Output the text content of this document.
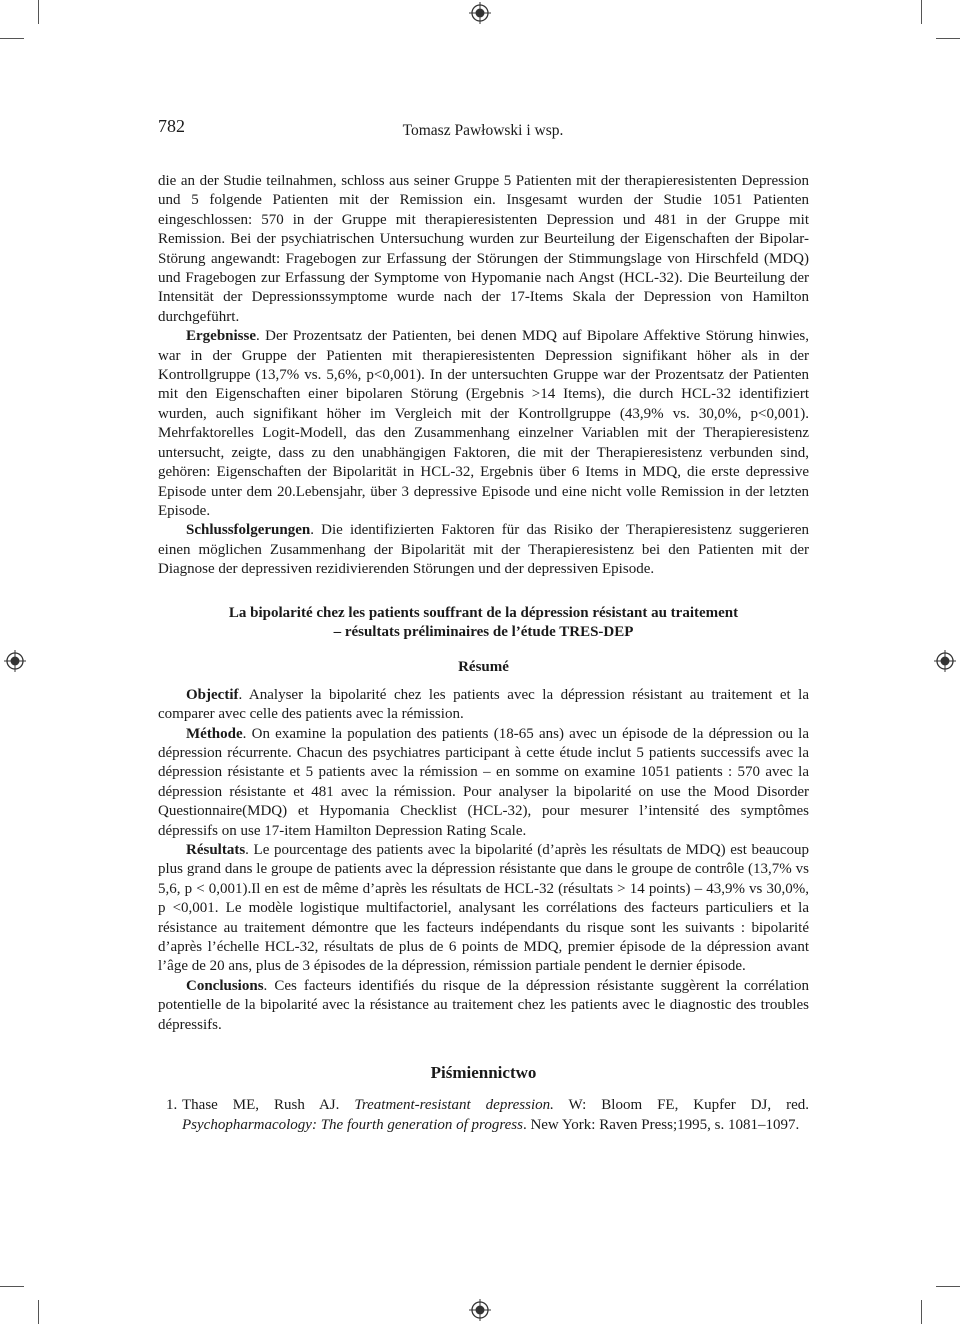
782	Tomasz Pawłowski i wsp.

die an der Studie teilnahmen, schloss aus seiner Gruppe 5 Patienten mit der therapieresistenten Depression und 5 folgende Patienten mit der Remission ein. Insgesamt wurden der Studie 1051 Patienten eingeschlossen: 570 in der Gruppe mit therapieresistenten Depression und 481 in der Gruppe mit Remission. Bei der psychiatrischen Untersuchung wurden zur Beurteilung der Eigenschaften der Bipolar-Störung angewandt: Fragebogen zur Erfassung der Störungen der Stimmungslage von Hirschfeld (MDQ) und Fragebogen zur Erfassung der Symptome von Hypomanie nach Angst (HCL-32). Die Beurteilung der Intensität der Depressionssymptome wurde nach der 17-Items Skala der Depression von Hamilton durchgeführt.

Ergebnisse. Der Prozentsatz der Patienten, bei denen MDQ auf Bipolare Affektive Störung hinwies, war in der Gruppe der Patienten mit therapieresistenten Depression signifikant höher als in der Kontrollgruppe (13,7% vs. 5,6%, p<0,001). In der untersuchten Gruppe war der Prozentsatz der Patienten mit den Eigenschaften einer bipolaren Störung (Ergebnis >14 Items), die durch HCL-32 identifiziert wurden, auch signifikant höher im Vergleich mit der Kontrollgruppe (43,9% vs. 30,0%, p<0,001). Mehrfaktorelles Logit-Modell, das den Zusammenhang einzelner Variablen mit der Therapieresistenz untersucht, zeigte, dass zu den unabhängigen Faktoren, die mit der Therapieresistenz verbunden sind, gehören: Eigenschaften der Bipolarität in HCL-32, Ergebnis über 6 Items in MDQ, die erste depressive Episode unter dem 20.Lebensjahr, über 3 depressive Episode und eine nicht volle Remission in der letzten Episode.

Schlussfolgerungen. Die identifizierten Faktoren für das Risiko der Therapieresistenz suggerieren einen möglichen Zusammenhang der Bipolarität mit der Therapieresistenz bei den Patienten mit der Diagnose der depressiven rezidivierenden Störungen und der depressiven Episode.

La bipolarité chez les patients souffrant de la dépression résistant au traitement
– résultats préliminaires de l’étude TRES-DEP
Résumé

Objectif. Analyser la bipolarité chez les patients avec la dépression résistant au traitement et la comparer avec celle des patients avec la rémission.

Méthode. On examine la population des patients (18-65 ans) avec un épisode de la dépression ou la dépression récurrente. Chacun des psychiatres participant à cette étude inclut 5 patients successifs avec la dépression résistante et 5 patients avec la rémission – en somme on examine 1051 patients : 570 avec la dépression résistante et 481 avec la rémission. Pour analyser la bipolarité on use the Mood Disorder Questionnaire(MDQ) et Hypomania Checklist (HCL-32), pour mesurer l’intensité des symptômes dépressifs on use 17-item Hamilton Depression Rating Scale.

Résultats. Le pourcentage des patients avec la bipolarité (d’après les résultats de MDQ) est beaucoup plus grand dans le groupe de patients avec la dépression résistante que dans le groupe de contrôle (13,7% vs 5,6, p < 0,001).Il en est de même d’après les résultats de HCL-32 (résultats > 14 points) – 43,9% vs 30,0%, p <0,001. Le modèle logistique multifactoriel, analysant les corrélations des facteurs particuliers et la résistance au traitement démontre que les facteurs indépendants du risque sont les suivants : bipolarité d’après l’échelle HCL-32, résultats de plus de 6 points de MDQ, premier épisode de la dépression avant l’âge de 20 ans, plus de 3 épisodes de la dépression, rémission partiale pendent le dernier épisode.

Conclusions. Ces facteurs identifiés du risque de la dépression résistante suggèrent la corrélation potentielle de la bipolarité avec la résistance au traitement chez les patients avec le diagnostic des troubles dépressifs.

Piśmiennictwo
1. Thase ME, Rush AJ. Treatment-resistant depression. W: Bloom FE, Kupfer DJ, red. Psychopharmacology: The fourth generation of progress. New York: Raven Press;1995, s. 1081–1097.
